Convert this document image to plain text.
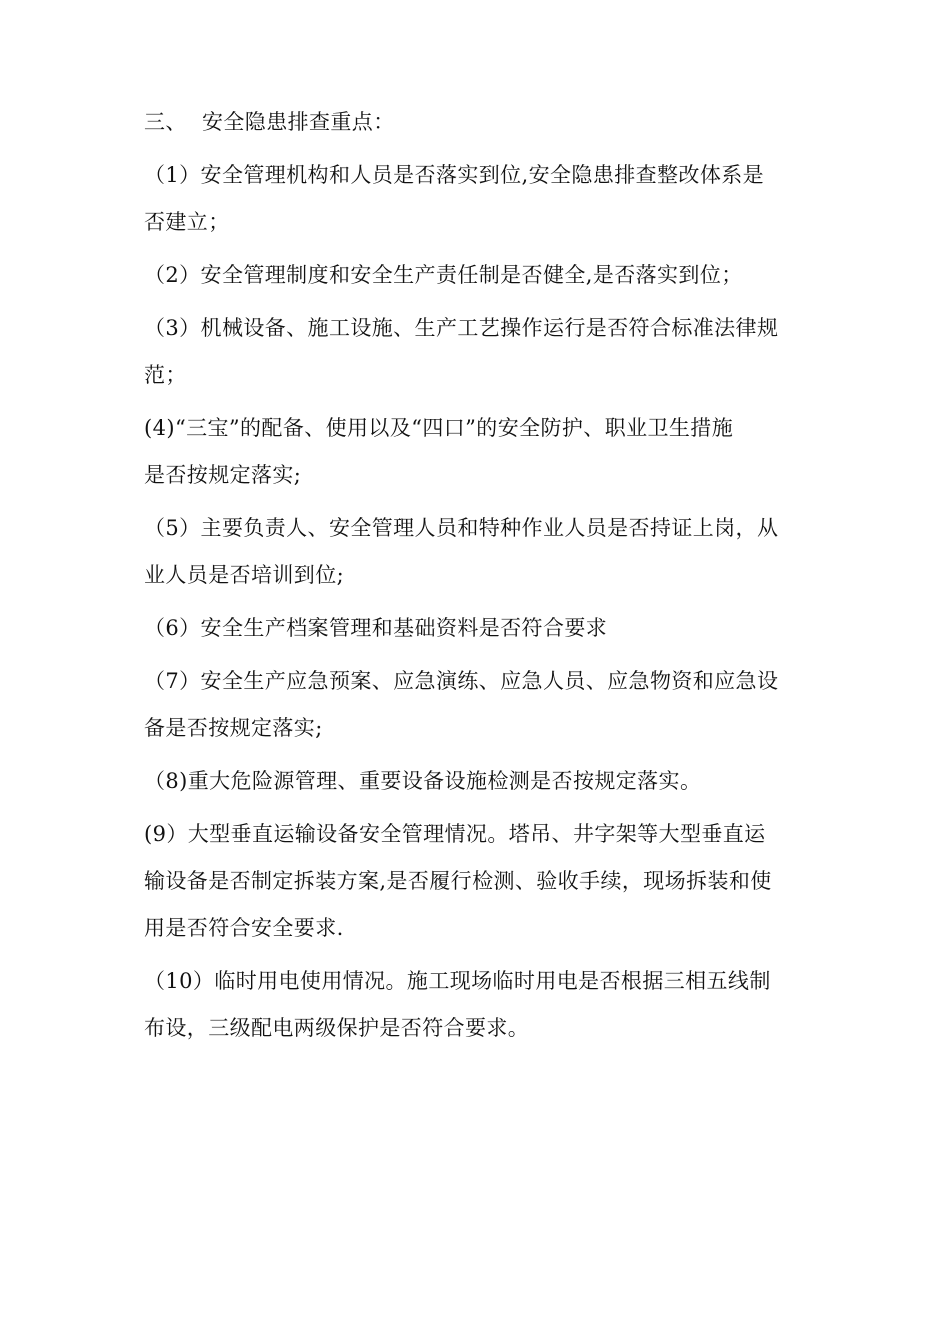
三、 安全隐患排查重点：
（1）安全管理机构和人员是否落实到位,安全隐患排查整改体系是
否建立；
（2）安全管理制度和安全生产责任制是否健全,是否落实到位；
（3）机械设备、施工设施、生产工艺操作运行是否符合标准法律规
范；
(4)“三宝”的配备、使用以及“四口”的安全防护、职业卫生措施
是否按规定落实;
（5）主要负责人、安全管理人员和特种作业人员是否持证上岗，从
业人员是否培训到位;
（6）安全生产档案管理和基础资料是否符合要求
（7）安全生产应急预案、应急演练、应急人员、应急物资和应急设
备是否按规定落实;
（8)重大危险源管理、重要设备设施检测是否按规定落实。
(9）大型垂直运输设备安全管理情况。塔吊、井字架等大型垂直运
输设备是否制定拆装方案,是否履行检测、验收手续，现场拆装和使
用是否符合安全要求.
（10）临时用电使用情况。施工现场临时用电是否根据三相五线制
布设，三级配电两级保护是否符合要求。
